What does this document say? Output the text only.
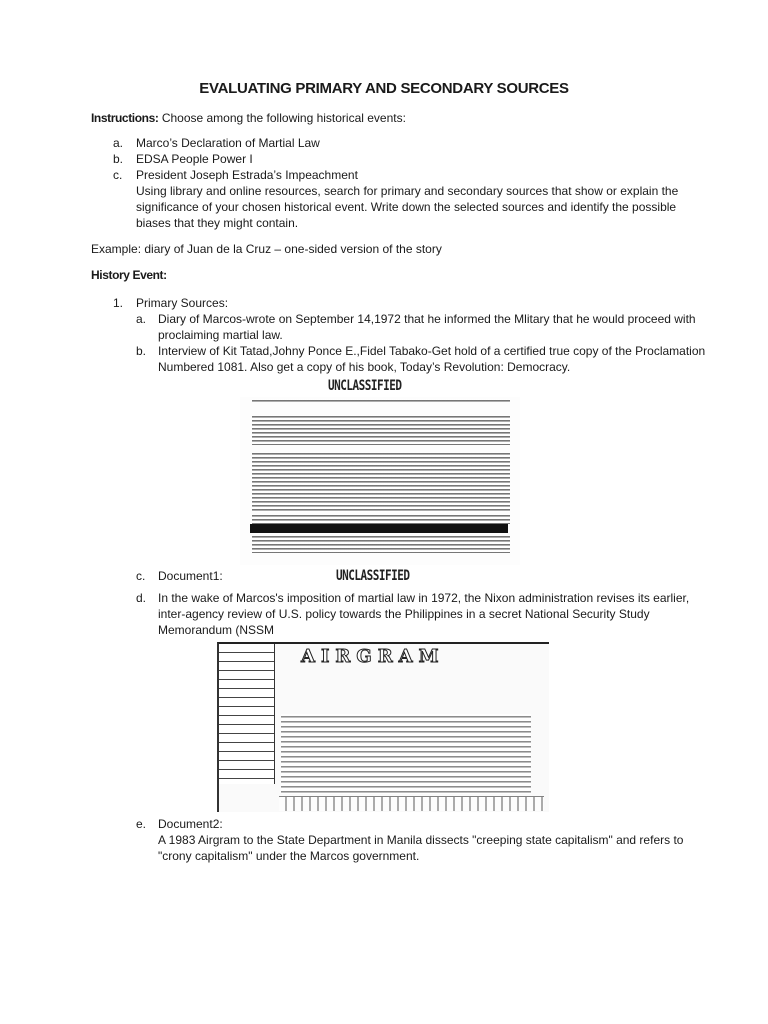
EVALUATING PRIMARY AND SECONDARY SOURCES
Instructions: Choose among the following historical events:
a. Marco’s Declaration of Martial Law
b. EDSA People Power I
c. President Joseph Estrada’s Impeachment
Using library and online resources, search for primary and secondary sources that show or explain the
significance of your chosen historical event. Write down the selected sources and identify the possible
biases that they might contain.
Example: diary of Juan de la Cruz – one-sided version of the story
History Event:
1. Primary Sources:
a. Diary of Marcos-wrote on September 14,1972 that he informed the Mlitary that he would proceed with
proclaiming martial law.
b. Interview of Kit Tatad,Johny Ponce E.,Fidel Tabako-Get hold of a certified true copy of the Proclamation
Numbered 1081. Also get a copy of his book, Today’s Revolution: Democracy.
UNCLASSIFIED
c. Document1:	UNCLASSIFIED
d. In the wake of Marcos's imposition of martial law in 1972, the Nixon administration revises its earlier,
inter-agency review of U.S. policy towards the Philippines in a secret National Security Study
Memorandum (NSSM
AIRGRAM
e. Document2:
A 1983 Airgram to the State Department in Manila dissects "creeping state capitalism" and refers to
"crony capitalism" under the Marcos government.
